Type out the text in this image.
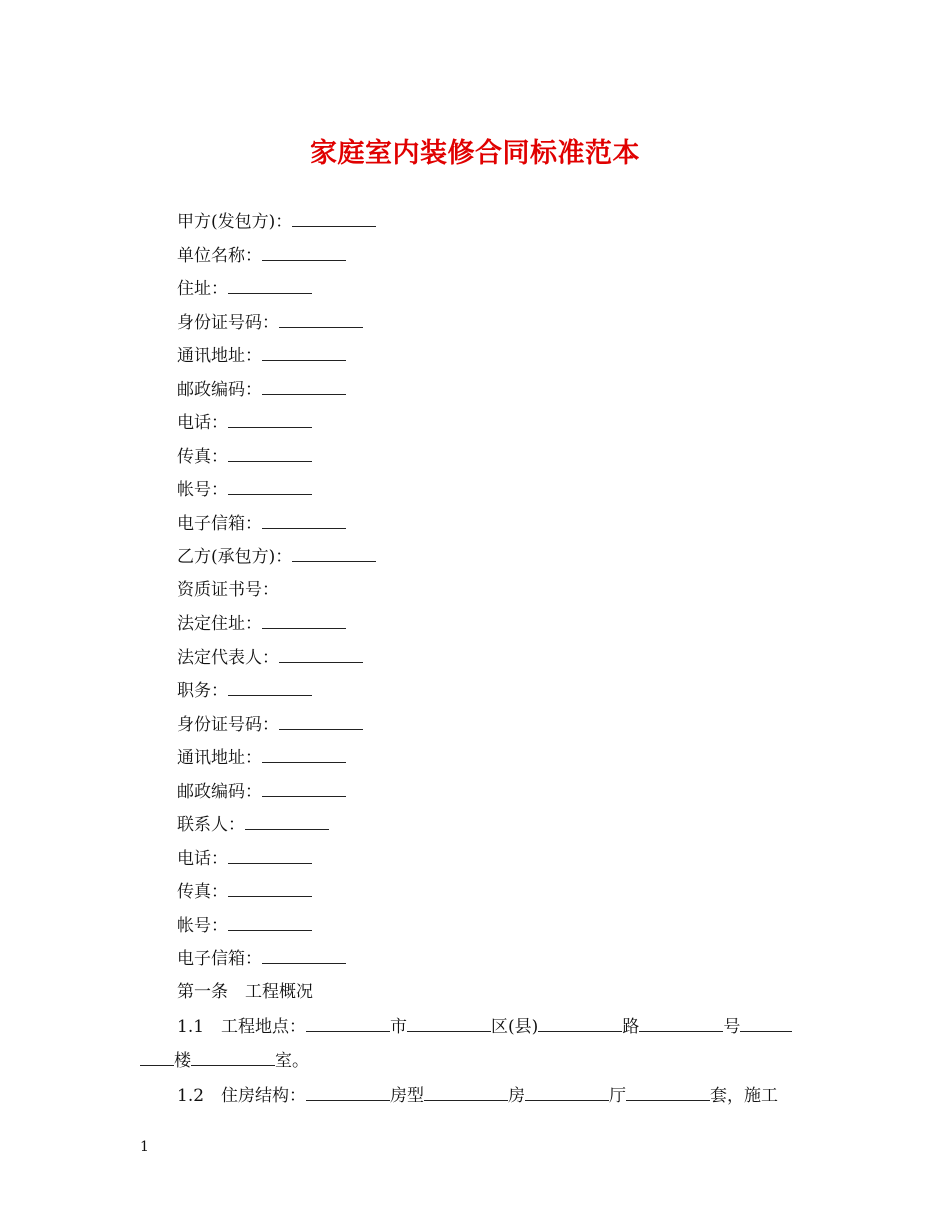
家庭室内装修合同标准范本
甲方(发包方)：
单位名称：
住址：
身份证号码：
通讯地址：
邮政编码：
电话：
传真：
帐号：
电子信箱：
乙方(承包方)：
资质证书号：
法定住址：
法定代表人：
职务：
身份证号码：
通讯地址：
邮政编码：
联系人：
电话：
传真：
帐号：
电子信箱：
第一条　工程概况
1.1　工程地点：	市	区(县)	路	号
楼	室。
1.2　住房结构：	房型	房	厅	套，施工
1
